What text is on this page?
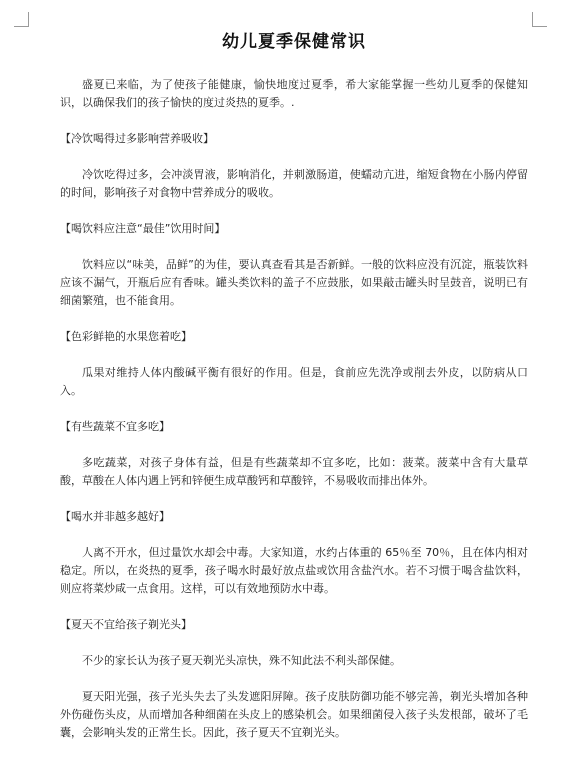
幼儿夏季保健常识

盛夏已来临，为了使孩子能健康，愉快地度过夏季，希大家能掌握一些幼儿夏季的保健知识，以确保我们的孩子愉快的度过炎热的夏季。.

【冷饮喝得过多影响营养吸收】

冷饮吃得过多，会冲淡胃液，影响消化，并刺激肠道，使蠕动亢进，缩短食物在小肠内停留的时间，影响孩子对食物中营养成分的吸收。

【喝饮料应注意“最佳”饮用时间】

饮料应以“味美，品鲜”的为佳，要认真查看其是否新鲜。一般的饮料应没有沉淀，瓶装饮料应该不漏气，开瓶后应有香味。罐头类饮料的盖子不应鼓胀，如果敲击罐头时呈鼓音，说明已有细菌繁殖，也不能食用。

【色彩鲜艳的水果您着吃】

瓜果对维持人体内酸碱平衡有很好的作用。但是，食前应先洗净或削去外皮，以防病从口入。

【有些蔬菜不宜多吃】

多吃蔬菜，对孩子身体有益，但是有些蔬菜却不宜多吃，比如：菠菜。菠菜中含有大量草酸，草酸在人体内遇上钙和锌便生成草酸钙和草酸锌，不易吸收而排出体外。

【喝水并非越多越好】

人离不开水，但过量饮水却会中毒。大家知道，水约占体重的 65％至 70％，且在体内相对稳定。所以，在炎热的夏季，孩子喝水时最好放点盐或饮用含盐汽水。若不习惯于喝含盐饮料，则应将菜炒咸一点食用。这样，可以有效地预防水中毒。

【夏天不宜给孩子剃光头】

不少的家长认为孩子夏天剃光头凉快，殊不知此法不利头部保健。

夏天阳光强，孩子光头失去了头发遮阳屏障。孩子皮肤防御功能不够完善，剃光头增加各种外伤碰伤头皮，从而增加各种细菌在头皮上的感染机会。如果细菌侵入孩子头发根部，破坏了毛囊，会影响头发的正常生长。因此，孩子夏天不宜剃光头。
